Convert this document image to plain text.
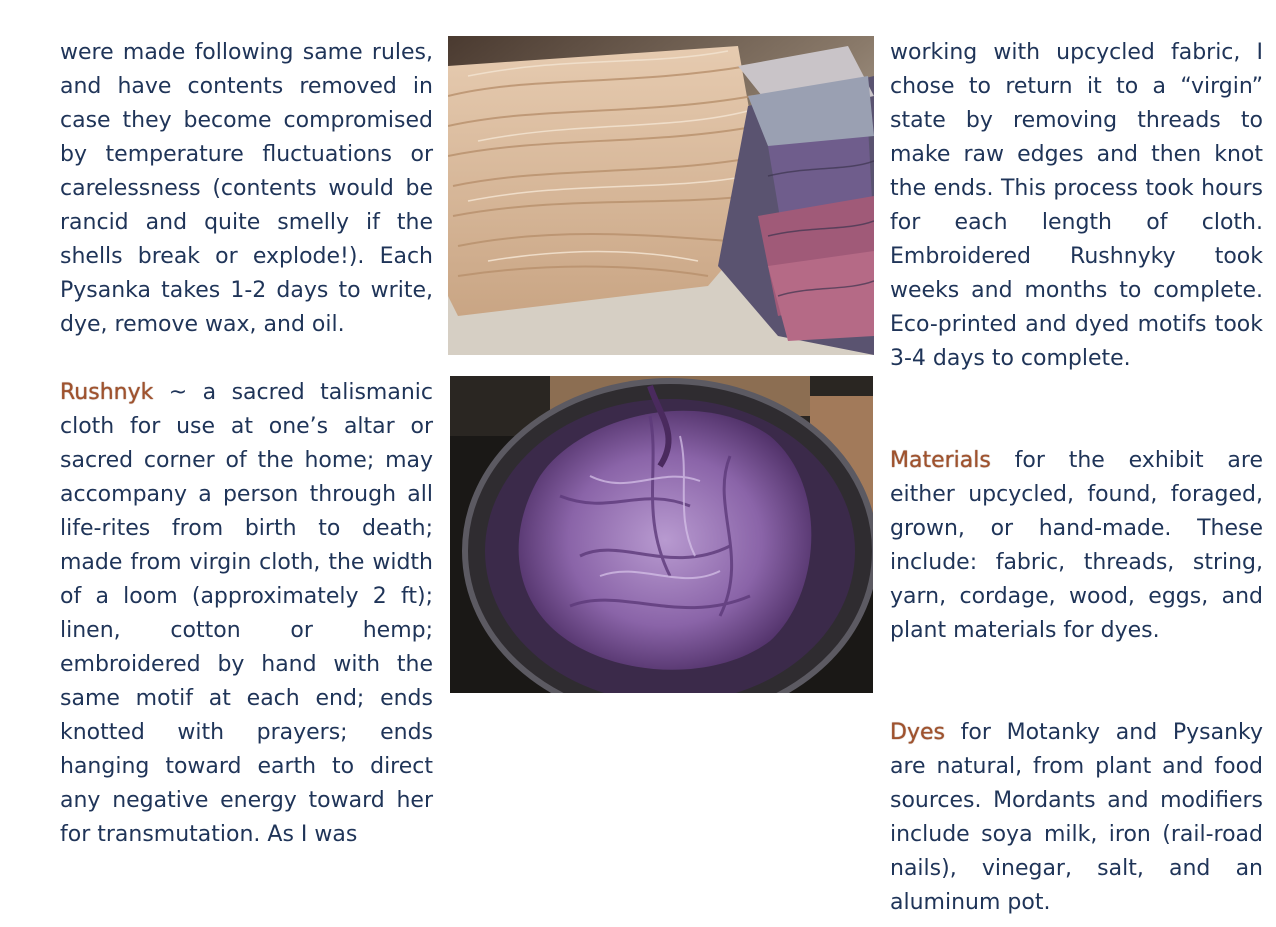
were made following same rules, and have contents removed in case they become compromised by temperature fluctuations or carelessness (contents would be rancid and quite smelly if the shells break or explode!). Each Pysanka takes 1-2 days to write, dye, remove wax, and oil.

Rushnyk ~ a sacred talismanic cloth for use at one’s altar or sacred corner of the home; may accompany a person through all life-rites from birth to death; made from virgin cloth, the width of a loom (approximately 2 ft); linen, cotton or hemp; embroidered by hand with the same motif at each end; ends knotted with prayers; ends hanging toward earth to direct any negative energy toward her for transmutation. As I was

working with upcycled fabric, I chose to return it to a “virgin” state by removing threads to make raw edges and then knot the ends. This process took hours for each length of cloth. Embroidered Rushnyky took weeks and months to complete. Eco-printed and dyed motifs took 3-4 days to complete.

Materials for the exhibit are either upcycled, found, foraged, grown, or hand-made. These include: fabric, threads, string, yarn, cordage, wood, eggs, and plant materials for dyes.

Dyes for Motanky and Pysanky are natural, from plant and food sources. Mordants and modifiers include soya milk, iron (rail-road nails), vinegar, salt, and an aluminum pot.
